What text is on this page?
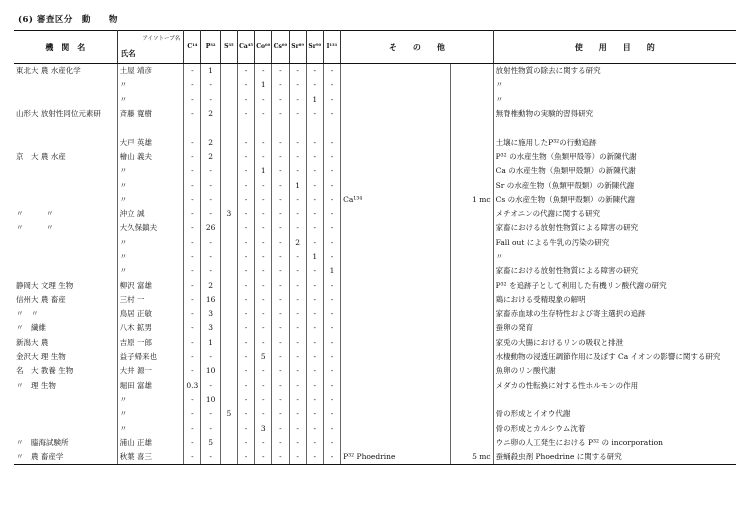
(6) 審査区分　動　　物
機　関　名	アイソトープ名
氏名	C¹⁴	P³²	S³⁵	Ca⁴⁵	Co⁶⁰	Cs⁶⁰	Sr⁸⁹	Sr⁹⁰	I¹³¹	そ　　の　　他		使　　用　　目　　的
東北大 農 水産化学	土屋 靖彦	-	1		-	-	-	-	-	-			放射性物質の除去に関する研究
	〃	-	-		-	1	-	-	-	-			〃
	〃	-	-		-	-	-	-	1	-			〃
山形大 放射性同位元素研	斉藤 寛樹	-	2		-	-	-	-	-	-			無脊椎動物の実験的習得研究

	大戸 英雄	-	2		-	-	-	-	-	-			土壌に施用したP³²の行動追跡
京　大 農 水産	檜山 義夫	-	2		-	-	-	-	-	-			P³² の水産生物（魚類甲殻等）の新陳代謝
	〃	-	-		-	1	-	-	-	-			Ca の水産生物（魚類甲殻類）の新陳代謝
	〃	-	-		-	-	-	1	-	-			Sr の水産生物（魚類甲殻類）の新陳代謝
	〃	-	-		-	-	-	-	-	-	Ca¹³⁴	1 mc	Cs の水産生物（魚類甲殻類）の新陳代謝
〃　　　〃	沖立 誠	-	-	3	-	-	-	-	-	-			メチオニンの代謝に関する研究
〃　　　〃	大久保鎮夫	-	26		-	-	-	-	-	-			家畜における放射性物質による障害の研究
	〃	-	-		-	-	-	2	-	-			Fall out による牛乳の汚染の研究
	〃	-	-		-	-	-	-	1	-			〃
	〃	-	-		-	-	-	-	-	1			家畜における放射性物質による障害の研究
静岡大 文理 生物	柳沢 富雄	-	2		-	-	-	-	-	-			P³² を追跡子として利用した有機リン酸代謝の研究
信州大 農 畜産	三村 一	-	16		-	-	-	-	-	-			鶏における受精現象の解明
〃　〃	鳥居 正敏	-	3		-	-	-	-	-	-			家畜赤血球の生存特性および寄主選択の追跡
〃　繊維	八木 鉱男	-	3		-	-	-	-	-	-			蚕卵の発育
新潟大 農	吉原 一郎	-	1		-	-	-	-	-	-			家兎の大腸におけるリンの吸収と排泄
金沢大 理 生物	益子帰来也	-	-		-	5	-	-	-	-			水棲動物の浸透圧調節作用に及ぼす Ca イオンの影響に関する研究
名　大 教養 生物	大井 源一	-	10		-	-	-	-	-	-			魚卵のリン酸代謝
〃　理 生物	堀田 富雄	0.3	-		-	-	-	-	-	-			メダカの性転換に対する性ホルモンの作用
	〃	-	10		-	-	-	-	-	-			
	〃	-	-	5	-	-	-	-	-	-			骨の形成とイオウ代謝
	〃	-	-		-	3	-	-	-	-			骨の形成とカルシウム沈着
〃　臨海試験所	浦山 正雄	-	5		-	-	-	-	-	-			ウニ卵の人工発生における P³² の incorporation
〃　農 畜産学	秋葉 喜三	-	-		-	-	-	-	-	-	P³² Phoedrine	5 mc	蚕蛹殺虫剤 Phoedrine に関する研究
